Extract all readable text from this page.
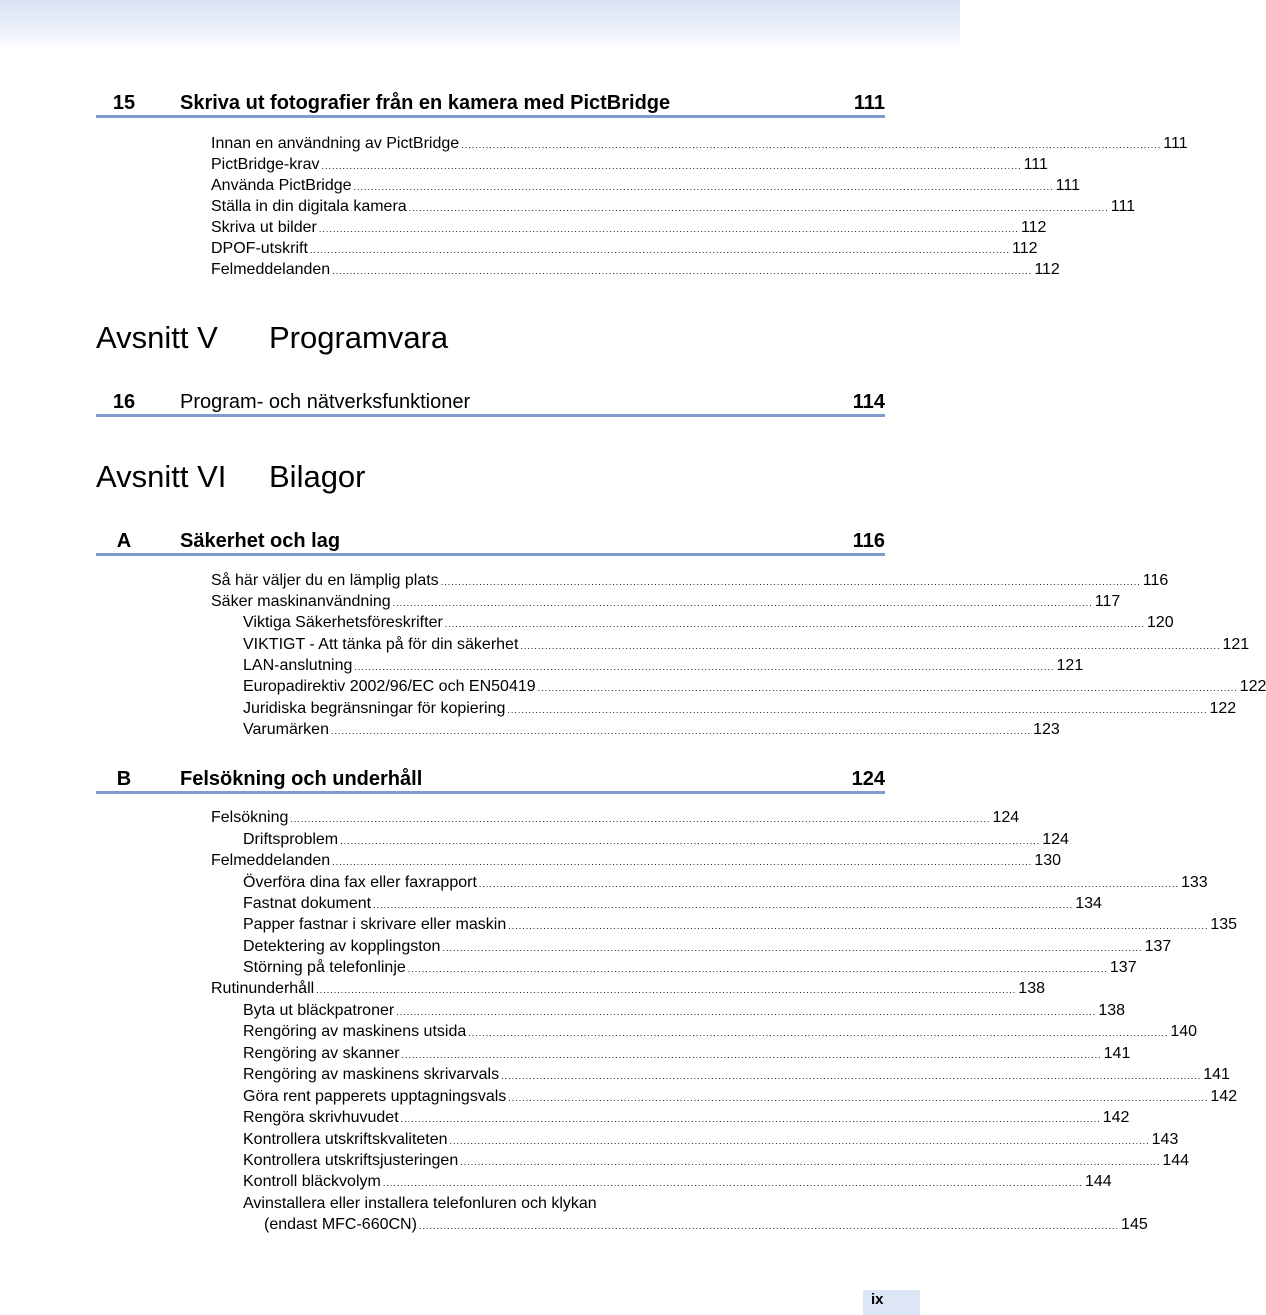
15	Skriva ut fotografier från en kamera med PictBridge	111
Innan en användning av PictBridge ........................................................................................................................................................................................................ 111
PictBridge-krav ........................................................................................................................................................................................................ 111
Använda PictBridge ........................................................................................................................................................................................................ 111
Ställa in din digitala kamera ........................................................................................................................................................................................................ 111
Skriva ut bilder ........................................................................................................................................................................................................ 112
DPOF-utskrift ........................................................................................................................................................................................................ 112
Felmeddelanden ........................................................................................................................................................................................................ 112
Avsnitt V Programvara
16	Program- och nätverksfunktioner	114
Avsnitt VI Bilagor
A	Säkerhet och lag	116
Så här väljer du en lämplig plats ........................................................................................................................................................................................................ 116
Säker maskinanvändning ........................................................................................................................................................................................................ 117
Viktiga Säkerhetsföreskrifter ........................................................................................................................................................................................................ 120
VIKTIGT - Att tänka på för din säkerhet ........................................................................................................................................................................................................ 121
LAN-anslutning ........................................................................................................................................................................................................ 121
Europadirektiv 2002/96/EC och EN50419 ........................................................................................................................................................................................................ 122
Juridiska begränsningar för kopiering ........................................................................................................................................................................................................ 122
Varumärken ........................................................................................................................................................................................................ 123
B	Felsökning och underhåll	124
Felsökning ........................................................................................................................................................................................................ 124
Driftsproblem ........................................................................................................................................................................................................ 124
Felmeddelanden ........................................................................................................................................................................................................ 130
Överföra dina fax eller faxrapport ........................................................................................................................................................................................................ 133
Fastnat dokument ........................................................................................................................................................................................................ 134
Papper fastnar i skrivare eller maskin ........................................................................................................................................................................................................ 135
Detektering av kopplingston ........................................................................................................................................................................................................ 137
Störning på telefonlinje ........................................................................................................................................................................................................ 137
Rutinunderhåll ........................................................................................................................................................................................................ 138
Byta ut bläckpatroner ........................................................................................................................................................................................................ 138
Rengöring av maskinens utsida ........................................................................................................................................................................................................ 140
Rengöring av skanner ........................................................................................................................................................................................................ 141
Rengöring av maskinens skrivarvals ........................................................................................................................................................................................................ 141
Göra rent papperets upptagningsvals ........................................................................................................................................................................................................ 142
Rengöra skrivhuvudet ........................................................................................................................................................................................................ 142
Kontrollera utskriftskvaliteten ........................................................................................................................................................................................................ 143
Kontrollera utskriftsjusteringen ........................................................................................................................................................................................................ 144
Kontroll bläckvolym ........................................................................................................................................................................................................ 144
Avinstallera eller installera telefonluren och klykan
(endast MFC-660CN) ........................................................................................................................................................................................................ 145
ix
